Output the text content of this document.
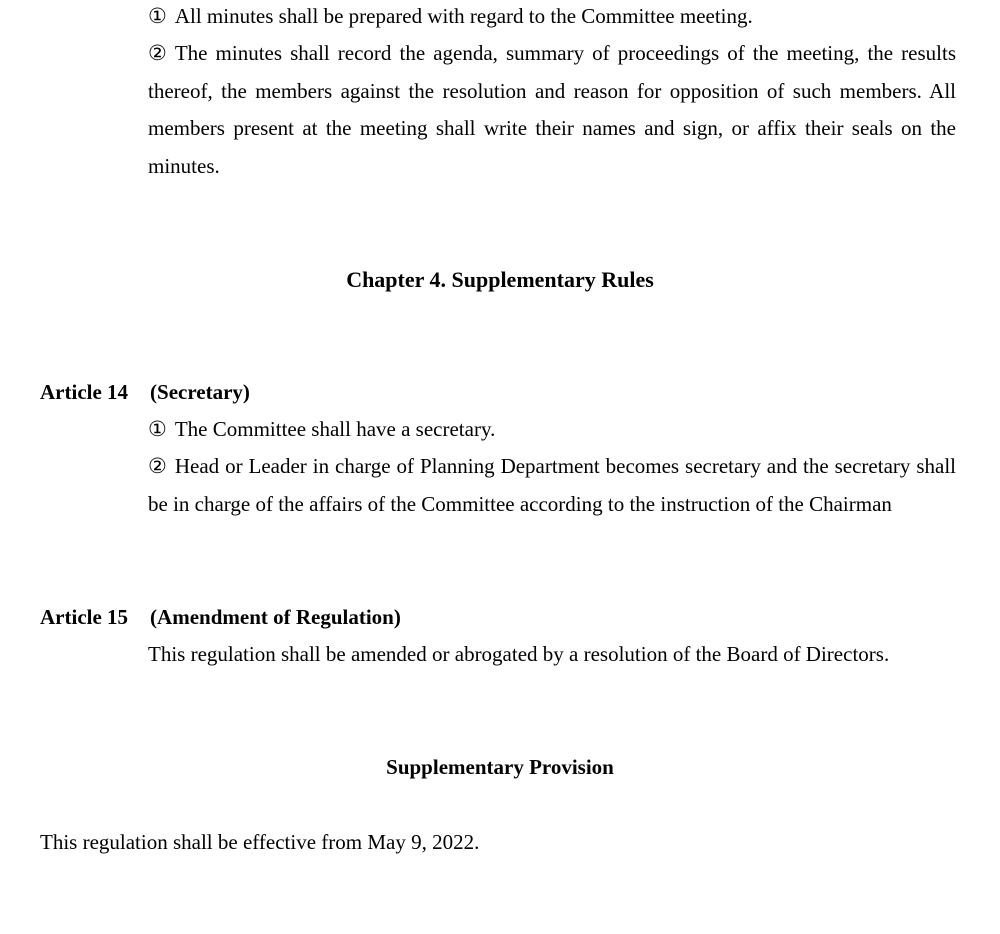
① All minutes shall be prepared with regard to the Committee meeting.

② The minutes shall record the agenda, summary of proceedings of the meeting, the results thereof, the members against the resolution and reason for opposition of such members. All members present at the meeting shall write their names and sign, or affix their seals on the minutes.

Chapter 4. Supplementary Rules

Article 14 (Secretary)

① The Committee shall have a secretary.

② Head or Leader in charge of Planning Department becomes secretary and the secretary shall be in charge of the affairs of the Committee according to the instruction of the Chairman

Article 15 (Amendment of Regulation)

This regulation shall be amended or abrogated by a resolution of the Board of Directors.

Supplementary Provision

This regulation shall be effective from May 9, 2022.
